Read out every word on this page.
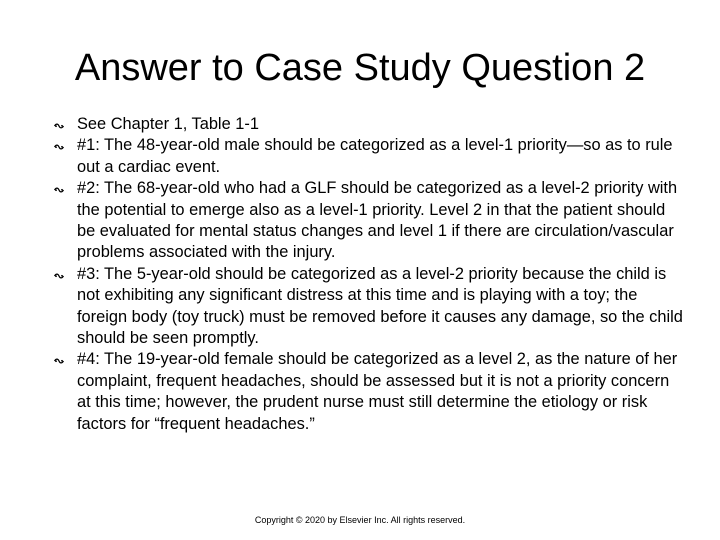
Answer to Case Study Question 2
See Chapter 1, Table 1-1
#1: The 48-year-old male should be categorized as a level-1 priority—so as to rule out a cardiac event.
#2: The 68-year-old who had a GLF should be categorized as a level-2 priority with the potential to emerge also as a level-1 priority. Level 2 in that the patient should be evaluated for mental status changes and level 1 if there are circulation/vascular problems associated with the injury.
#3: The 5-year-old should be categorized as a level-2 priority because the child is not exhibiting any significant distress at this time and is playing with a toy; the foreign body (toy truck) must be removed before it causes any damage, so the child should be seen promptly.
#4: The 19-year-old female should be categorized as a level 2, as the nature of her complaint, frequent headaches, should be assessed but it is not a priority concern at this time; however, the prudent nurse must still determine the etiology or risk factors for “frequent headaches.”

Copyright © 2020 by Elsevier Inc. All rights reserved.
